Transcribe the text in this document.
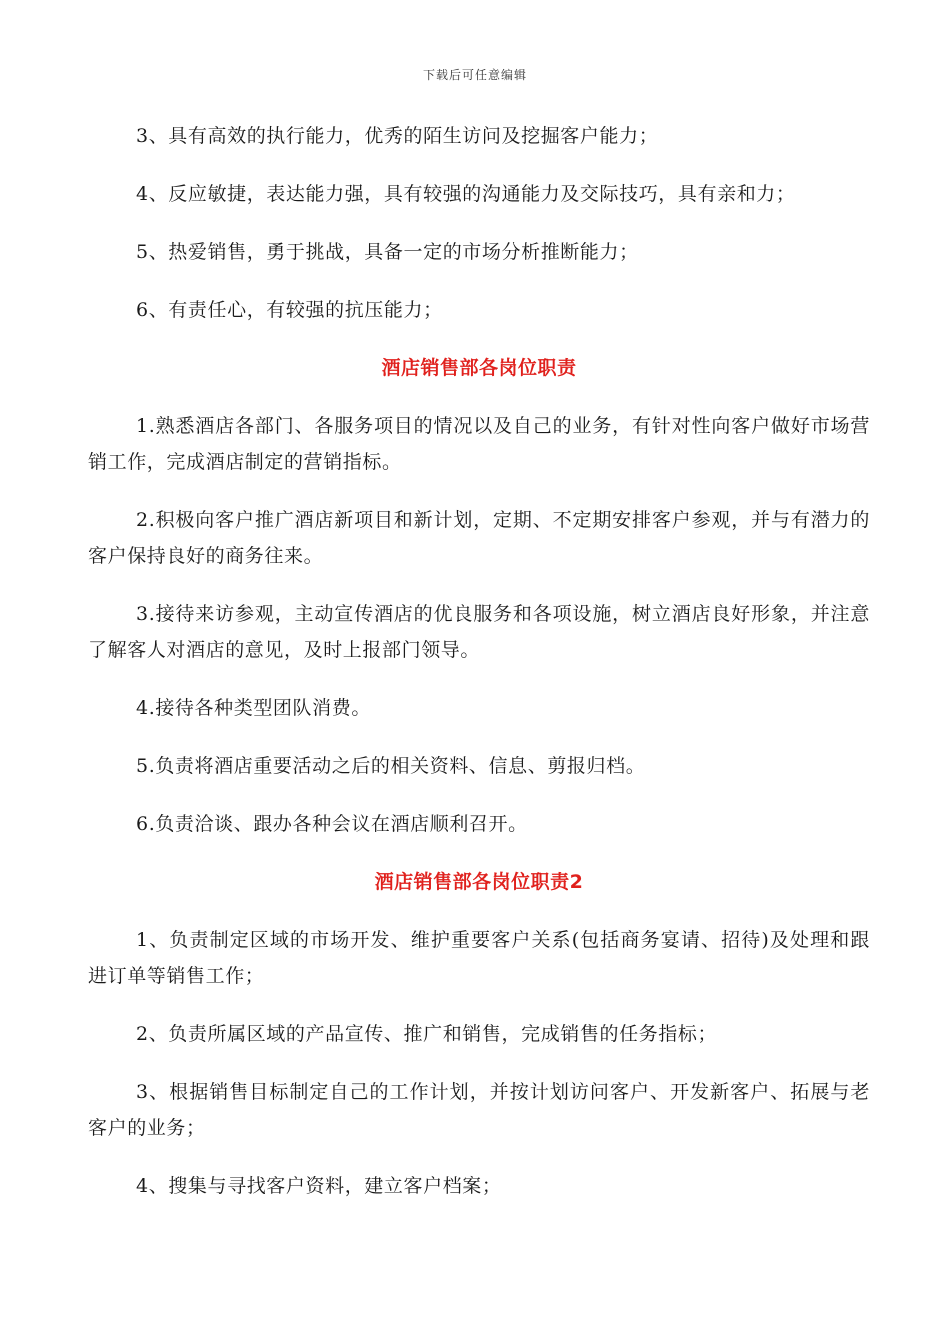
下载后可任意编辑

3、具有高效的执行能力，优秀的陌生访问及挖掘客户能力；

4、反应敏捷，表达能力强，具有较强的沟通能力及交际技巧，具有亲和力；

5、热爱销售，勇于挑战，具备一定的市场分析推断能力；

6、有责任心，有较强的抗压能力；

酒店销售部各岗位职责

1.熟悉酒店各部门、各服务项目的情况以及自己的业务，有针对性向客户做好市场营销工作，完成酒店制定的营销指标。

2.积极向客户推广酒店新项目和新计划，定期、不定期安排客户参观，并与有潜力的客户保持良好的商务往来。

3.接待来访参观，主动宣传酒店的优良服务和各项设施，树立酒店良好形象，并注意了解客人对酒店的意见，及时上报部门领导。

4.接待各种类型团队消费。

5.负责将酒店重要活动之后的相关资料、信息、剪报归档。

6.负责洽谈、跟办各种会议在酒店顺利召开。

酒店销售部各岗位职责2

1、负责制定区域的市场开发、维护重要客户关系(包括商务宴请、招待)及处理和跟进订单等销售工作；

2、负责所属区域的产品宣传、推广和销售，完成销售的任务指标；

3、根据销售目标制定自己的工作计划，并按计划访问客户、开发新客户、拓展与老客户的业务；

4、搜集与寻找客户资料，建立客户档案；
